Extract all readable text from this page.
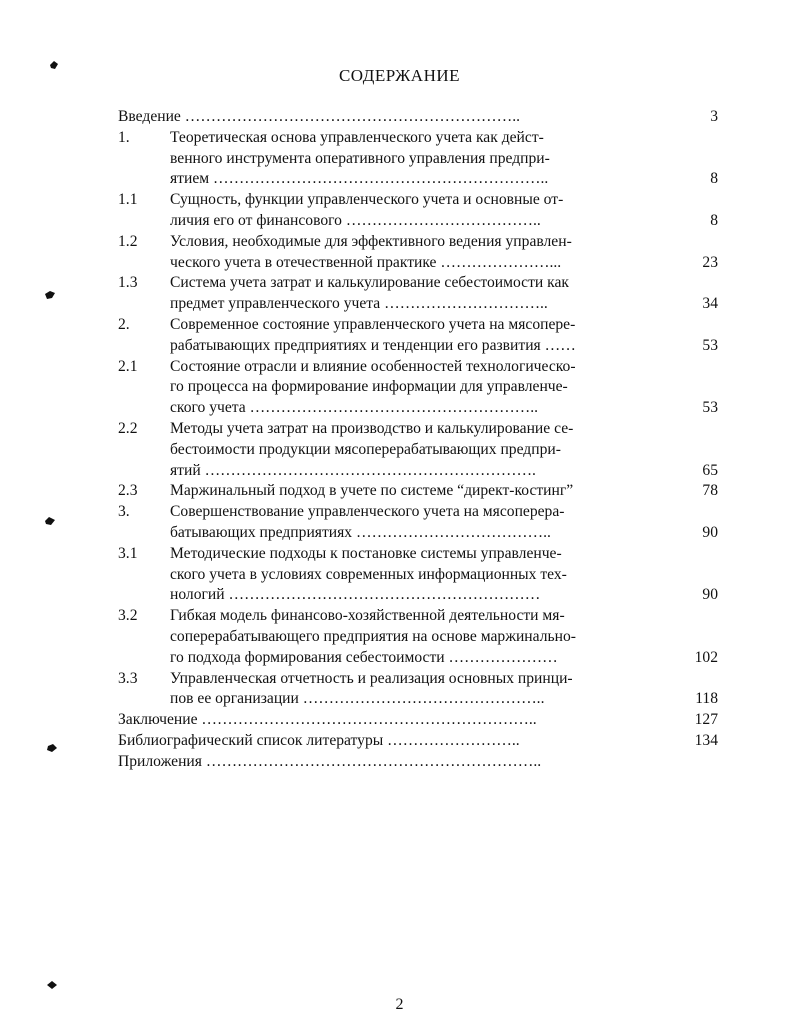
СОДЕРЖАНИЕ
Введение ………………………………………………………..	3
1.	Теоретическая основа управленческого учета как дейст-
венного инструмента оперативного управления предпри-
ятием ………………………………………………………..	8
1.1 Сущность, функции управленческого учета и основные от-
личия его от финансового ………………………………..	8
1.2 Условия, необходимые для эффективного ведения управлен-
ческого учета в отечественной практике …………………...	23
1.3 Система учета затрат и калькулирование себестоимости как
предмет управленческого учета …………………………..	34
2.	Современное состояние управленческого учета на мясопере-
рабатывающих предприятиях и тенденции его развития ……	53
2.1 Состояние отрасли и влияние особенностей технологическо-
го процесса на формирование информации для управленче-
ского учета ………………………………………………..	53
2.2 Методы учета затрат на производство и калькулирование се-
бестоимости продукции мясоперерабатывающих предпри-
ятий ……………………………………………………….	65
2.3 Маржинальный подход в учете по системе “директ-костинг”	78
3.	Совершенствование управленческого учета на мясоперера-
батывающих предприятиях ………………………………..	90
3.1 Методические подходы к постановке системы управленче-
ского учета в условиях современных информационных тех-
нологий ……………………………………………………	90
3.2 Гибкая модель финансово-хозяйственной деятельности мя-
соперерабатывающего предприятия на основе маржинально-
го подхода формирования себестоимости …………………	102
3.3 Управленческая отчетность и реализация основных принци-
пов ее организации ………………………………………..	118
Заключение ………………………………………………………..	127
Библиографический список литературы ……………………..	134
Приложения ………………………………………………………..
2
